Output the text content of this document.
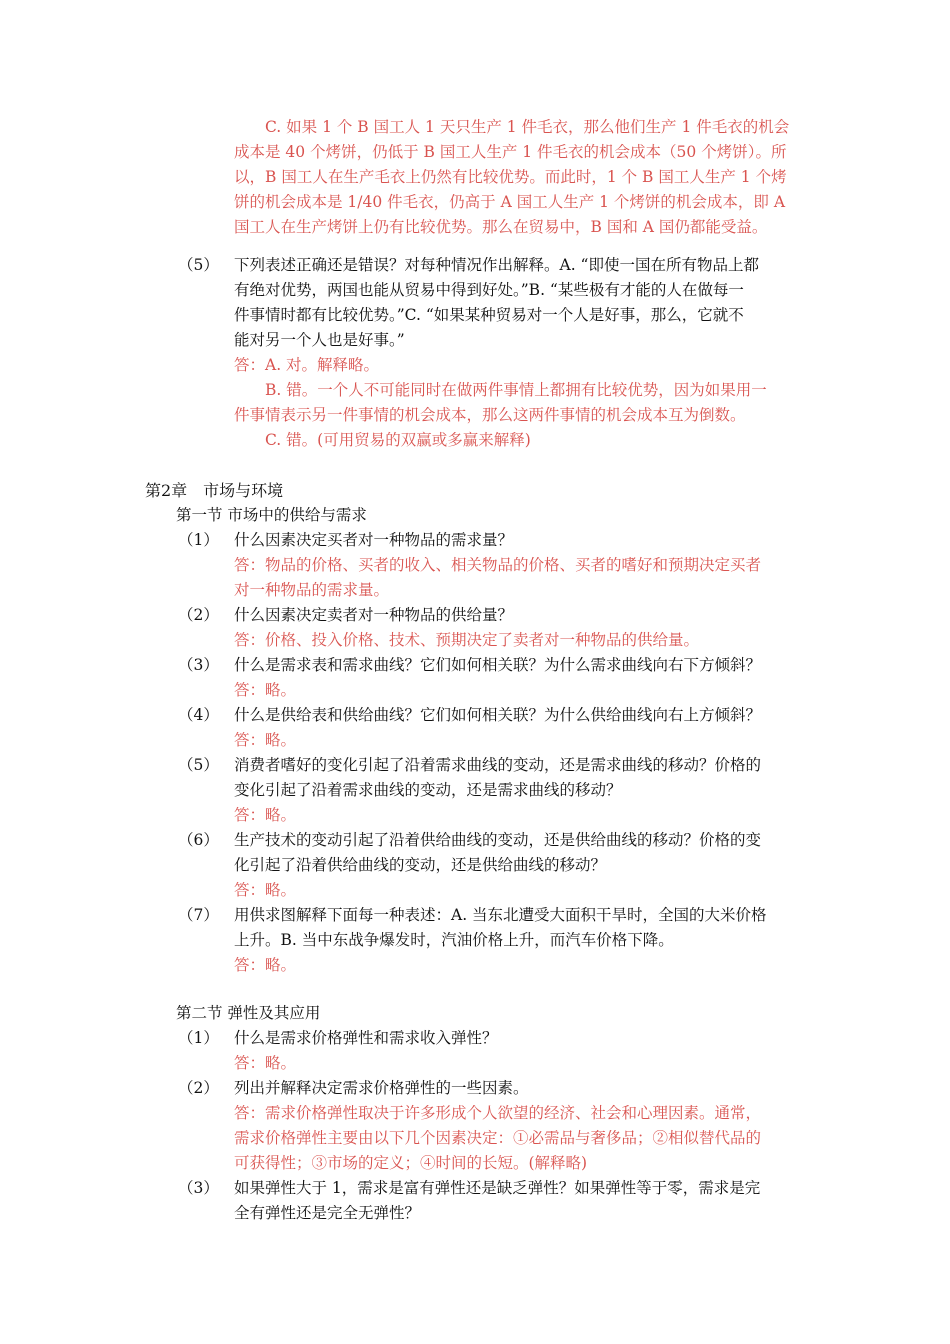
C. 如果 1 个 B 国工人 1 天只生产 1 件毛衣，那么他们生产 1 件毛衣的机会
成本是 40 个烤饼，仍低于 B 国工人生产 1 件毛衣的机会成本（50 个烤饼）。所
以，B 国工人在生产毛衣上仍然有比较优势。而此时，1 个 B 国工人生产 1 个烤
饼的机会成本是 1/40 件毛衣，仍高于 A 国工人生产 1 个烤饼的机会成本，即 A
国工人在生产烤饼上仍有比较优势。那么在贸易中，B 国和 A 国仍都能受益。
（5） 下列表述正确还是错误？对每种情况作出解释。A. “即使一国在所有物品上都
有绝对优势，两国也能从贸易中得到好处。”B. “某些极有才能的人在做每一
件事情时都有比较优势。”C. “如果某种贸易对一个人是好事，那么，它就不
能对另一个人也是好事。”
答：A. 对。解释略。
B. 错。一个人不可能同时在做两件事情上都拥有比较优势，因为如果用一
件事情表示另一件事情的机会成本，那么这两件事情的机会成本互为倒数。
C. 错。(可用贸易的双赢或多赢来解释)
第2章　市场与环境
第一节 市场中的供给与需求
（1） 什么因素决定买者对一种物品的需求量？
答：物品的价格、买者的收入、相关物品的价格、买者的嗜好和预期决定买者
对一种物品的需求量。
（2） 什么因素决定卖者对一种物品的供给量？
答：价格、投入价格、技术、预期决定了卖者对一种物品的供给量。
（3） 什么是需求表和需求曲线？它们如何相关联？为什么需求曲线向右下方倾斜？
答：略。
（4） 什么是供给表和供给曲线？它们如何相关联？为什么供给曲线向右上方倾斜？
答：略。
（5） 消费者嗜好的变化引起了沿着需求曲线的变动，还是需求曲线的移动？价格的
变化引起了沿着需求曲线的变动，还是需求曲线的移动？
答：略。
（6） 生产技术的变动引起了沿着供给曲线的变动，还是供给曲线的移动？价格的变
化引起了沿着供给曲线的变动，还是供给曲线的移动？
答：略。
（7） 用供求图解释下面每一种表述：A. 当东北遭受大面积干旱时，全国的大米价格
上升。B. 当中东战争爆发时，汽油价格上升，而汽车价格下降。
答：略。
第二节 弹性及其应用
（1） 什么是需求价格弹性和需求收入弹性？
答：略。
（2） 列出并解释决定需求价格弹性的一些因素。
答：需求价格弹性取决于许多形成个人欲望的经济、社会和心理因素。通常，
需求价格弹性主要由以下几个因素决定：①必需品与奢侈品；②相似替代品的
可获得性；③市场的定义；④时间的长短。(解释略)
（3） 如果弹性大于 1，需求是富有弹性还是缺乏弹性？如果弹性等于零，需求是完
全有弹性还是完全无弹性？
